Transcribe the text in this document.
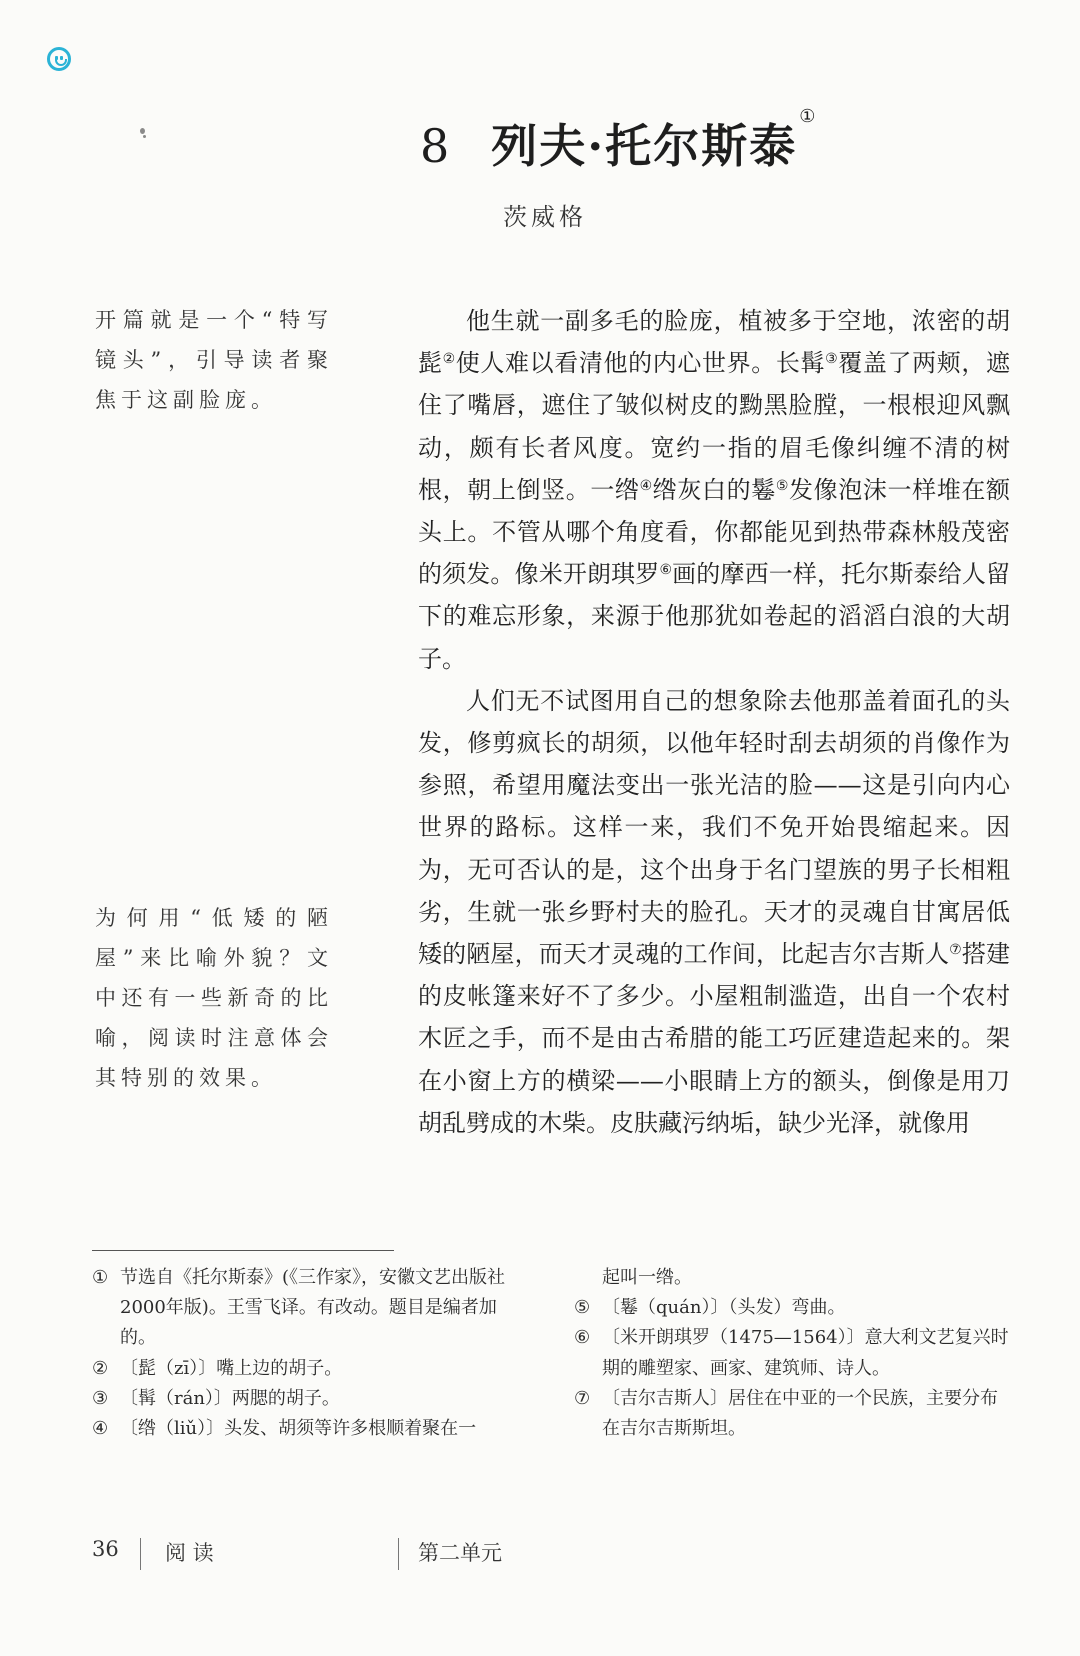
8 列夫·托尔斯泰①
茨威格
开篇就是一个“特写镜头”，引导读者聚焦于这副脸庞。
为何用“低矮的陋屋”来比喻外貌？文中还有一些新奇的比喻，阅读时注意体会其特别的效果。

他生就一副多毛的脸庞，植被多于空地，浓密的胡髭②使人难以看清他的内心世界。长髯③覆盖了两颊，遮住了嘴唇，遮住了皱似树皮的黝黑脸膛，一根根迎风飘动，颇有长者风度。宽约一指的眉毛像纠缠不清的树根，朝上倒竖。一绺④绺灰白的鬈⑤发像泡沫一样堆在额头上。不管从哪个角度看，你都能见到热带森林般茂密的须发。像米开朗琪罗⑥画的摩西一样，托尔斯泰给人留下的难忘形象，来源于他那犹如卷起的滔滔白浪的大胡子。

人们无不试图用自己的想象除去他那盖着面孔的头发，修剪疯长的胡须，以他年轻时刮去胡须的肖像作为参照，希望用魔法变出一张光洁的脸——这是引向内心世界的路标。这样一来，我们不免开始畏缩起来。因为，无可否认的是，这个出身于名门望族的男子长相粗劣，生就一张乡野村夫的脸孔。天才的灵魂自甘寓居低矮的陋屋，而天才灵魂的工作间，比起吉尔吉斯人⑦搭建的皮帐篷来好不了多少。小屋粗制滥造，出自一个农村木匠之手，而不是由古希腊的能工巧匠建造起来的。架在小窗上方的横梁——小眼睛上方的额头，倒像是用刀胡乱劈成的木柴。皮肤藏污纳垢，缺少光泽，就像用

① 节选自《托尔斯泰》(《三作家》，安徽文艺出版社2000年版)。王雪飞译。有改动。题目是编者加的。
② 〔髭（zī）〕嘴上边的胡子。
③ 〔髯（rán）〕两腮的胡子。
④ 〔绺（liǔ）〕头发、胡须等许多根顺着聚在一
起叫一绺。
⑤ 〔鬈（quán）〕（头发）弯曲。
⑥ 〔米开朗琪罗（1475—1564）〕意大利文艺复兴时期的雕塑家、画家、建筑师、诗人。
⑦ 〔吉尔吉斯人〕居住在中亚的一个民族，主要分布在吉尔吉斯斯坦。
36 阅 读	第二单元
